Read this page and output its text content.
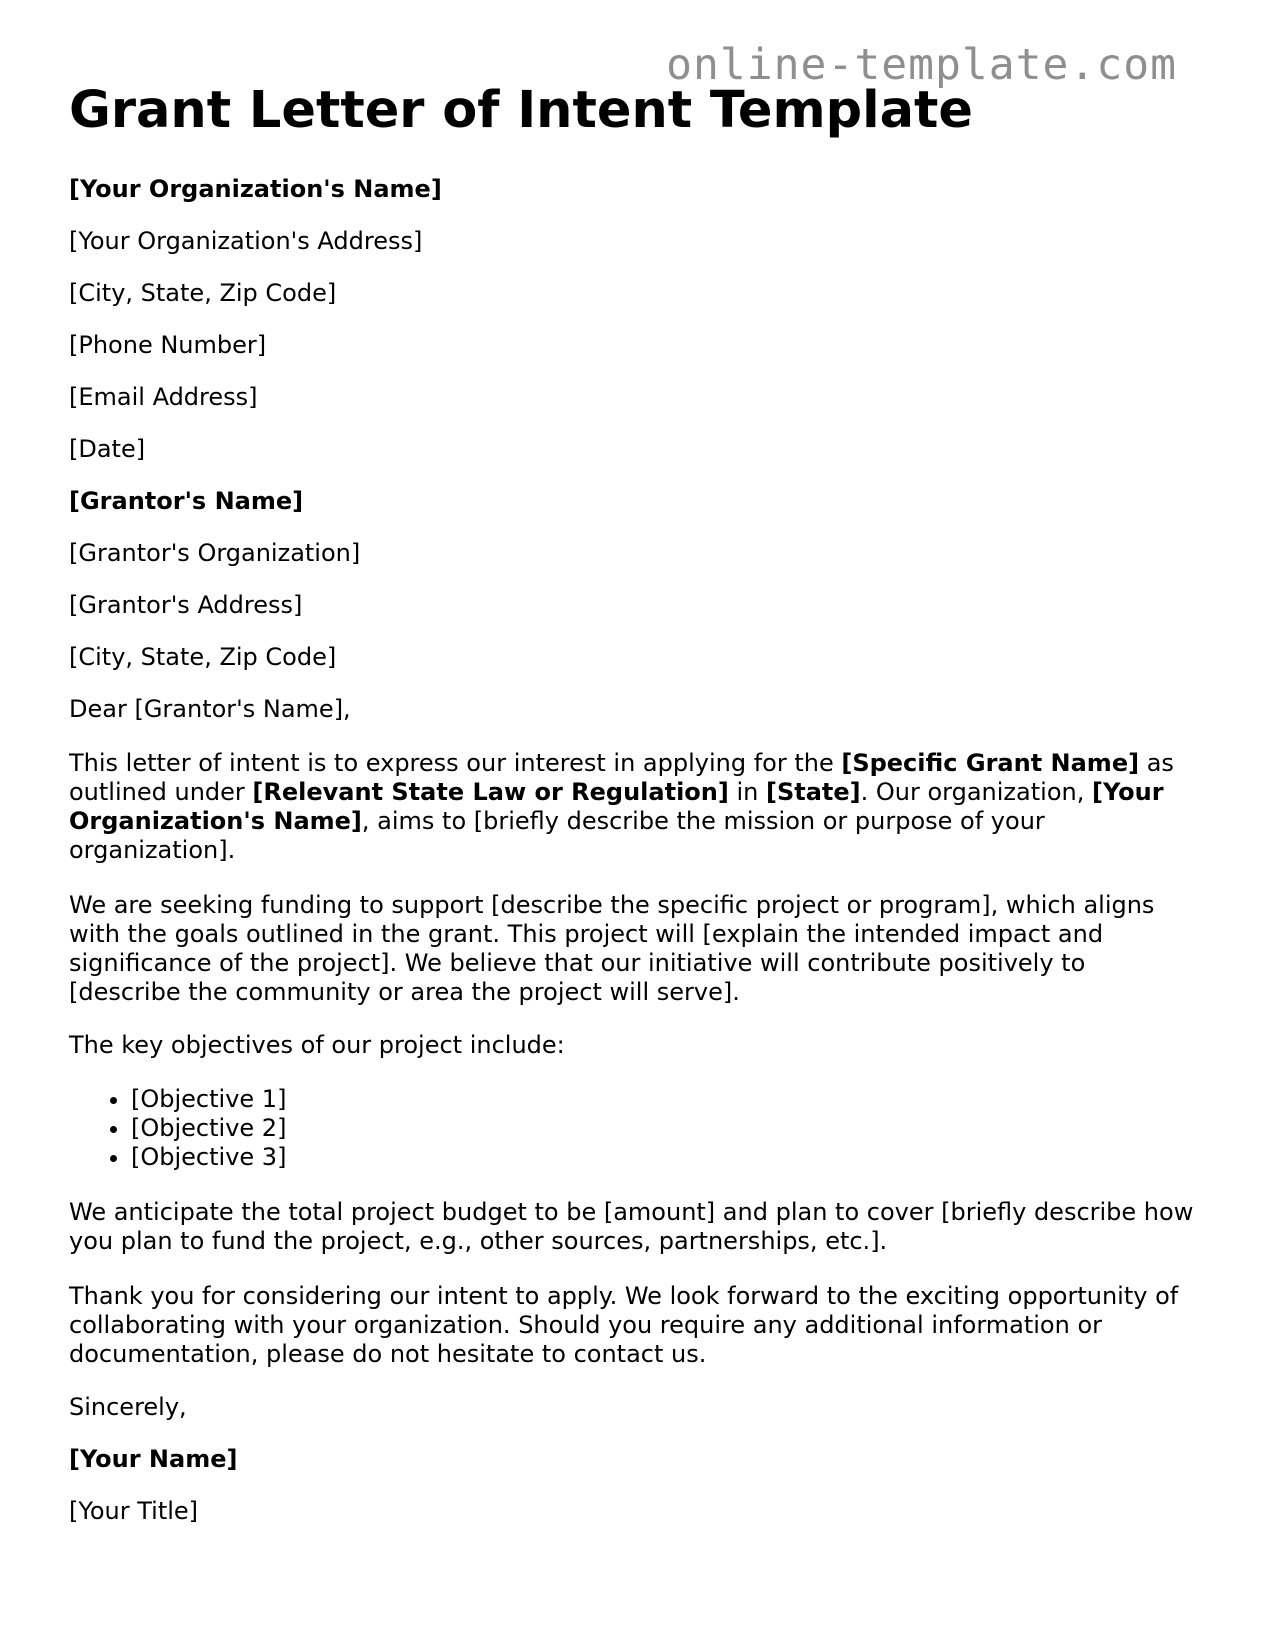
online-template.com
Grant Letter of Intent Template

[Your Organization's Name]

[Your Organization's Address]

[City, State, Zip Code]

[Phone Number]

[Email Address]

[Date]

[Grantor's Name]

[Grantor's Organization]

[Grantor's Address]

[City, State, Zip Code]

Dear [Grantor's Name],

This letter of intent is to express our interest in applying for the [Specific Grant Name] as outlined under [Relevant State Law or Regulation] in [State]. Our organization, [Your Organization's Name], aims to [briefly describe the mission or purpose of your organization].

We are seeking funding to support [describe the specific project or program], which aligns with the goals outlined in the grant. This project will [explain the intended impact and significance of the project]. We believe that our initiative will contribute positively to [describe the community or area the project will serve].

The key objectives of our project include:

• [Objective 1]
• [Objective 2]
• [Objective 3]

We anticipate the total project budget to be [amount] and plan to cover [briefly describe how you plan to fund the project, e.g., other sources, partnerships, etc.].

Thank you for considering our intent to apply. We look forward to the exciting opportunity of collaborating with your organization. Should you require any additional information or documentation, please do not hesitate to contact us.

Sincerely,

[Your Name]

[Your Title]
